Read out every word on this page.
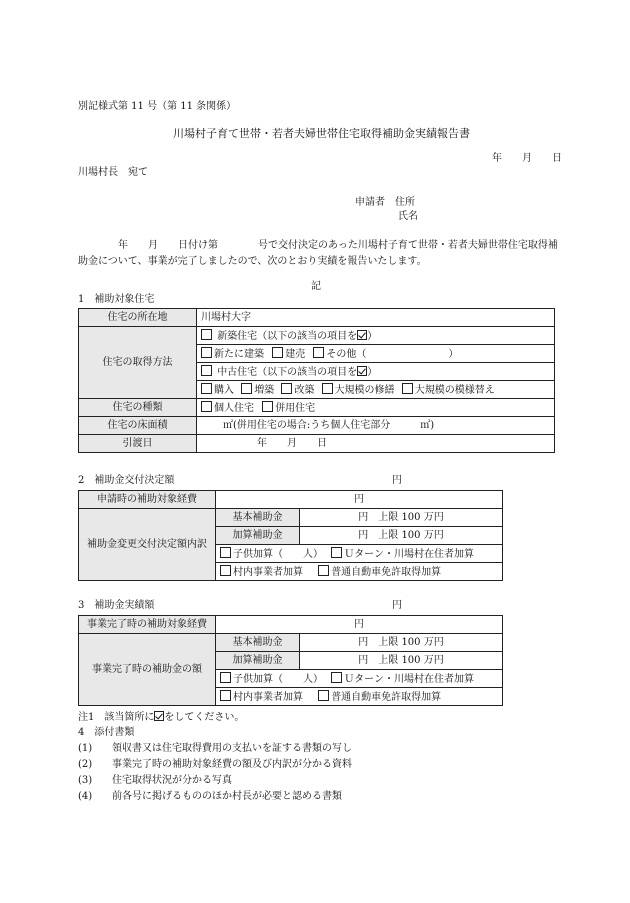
別記様式第 11 号（第 11 条関係）
川場村子育て世帯・若者夫婦世帯住宅取得補助金実績報告書
年　　月　　日
川場村長　宛て
申請者　住所
氏名
　　　　年　　月　　日付け第　　　　号で交付決定のあった川場村子育て世帯・若者夫婦世帯住宅取得補
助金について、事業が完了しましたので、次のとおり実績を報告いたします。
記
1　補助対象住宅
住宅の所在地	川場村大字
住宅の取得方法	新築住宅（以下の該当の項目を ）
	新たに建築 建売 その他（ ）
	中古住宅（以下の該当の項目を ）
	購入 増築 改築 大規模の修繕 大規模の模様替え
住宅の種類	個人住宅 併用住宅
住宅の床面積	㎡(併用住宅の場合:うち個人住宅部分　　　㎡)
引渡日	年　　月　　日
2　補助金交付決定額	円
申請時の補助対象経費	円	
補助金変更交付決定額内訳	基本補助金	円　上限 100 万円
	加算補助金	円　上限 100 万円
	子供加算（　　人） Ｕターン・川場村在住者加算	
	村内事業者加算 普通自動車免許取得加算	
3　補助金実績額	円
事業完了時の補助対象経費	円	
事業完了時の補助金の額	基本補助金	円　上限 100 万円
	加算補助金	円　上限 100 万円
	子供加算（　　人） Ｕターン・川場村在住者加算	
	村内事業者加算 普通自動車免許取得加算	
注1　該当箇所に をしてください。
4　添付書類
(1) 領収書又は住宅取得費用の支払いを証する書類の写し
(2) 事業完了時の補助対象経費の額及び内訳が分かる資料
(3) 住宅取得状況が分かる写真
(4) 前各号に掲げるもののほか村長が必要と認める書類
